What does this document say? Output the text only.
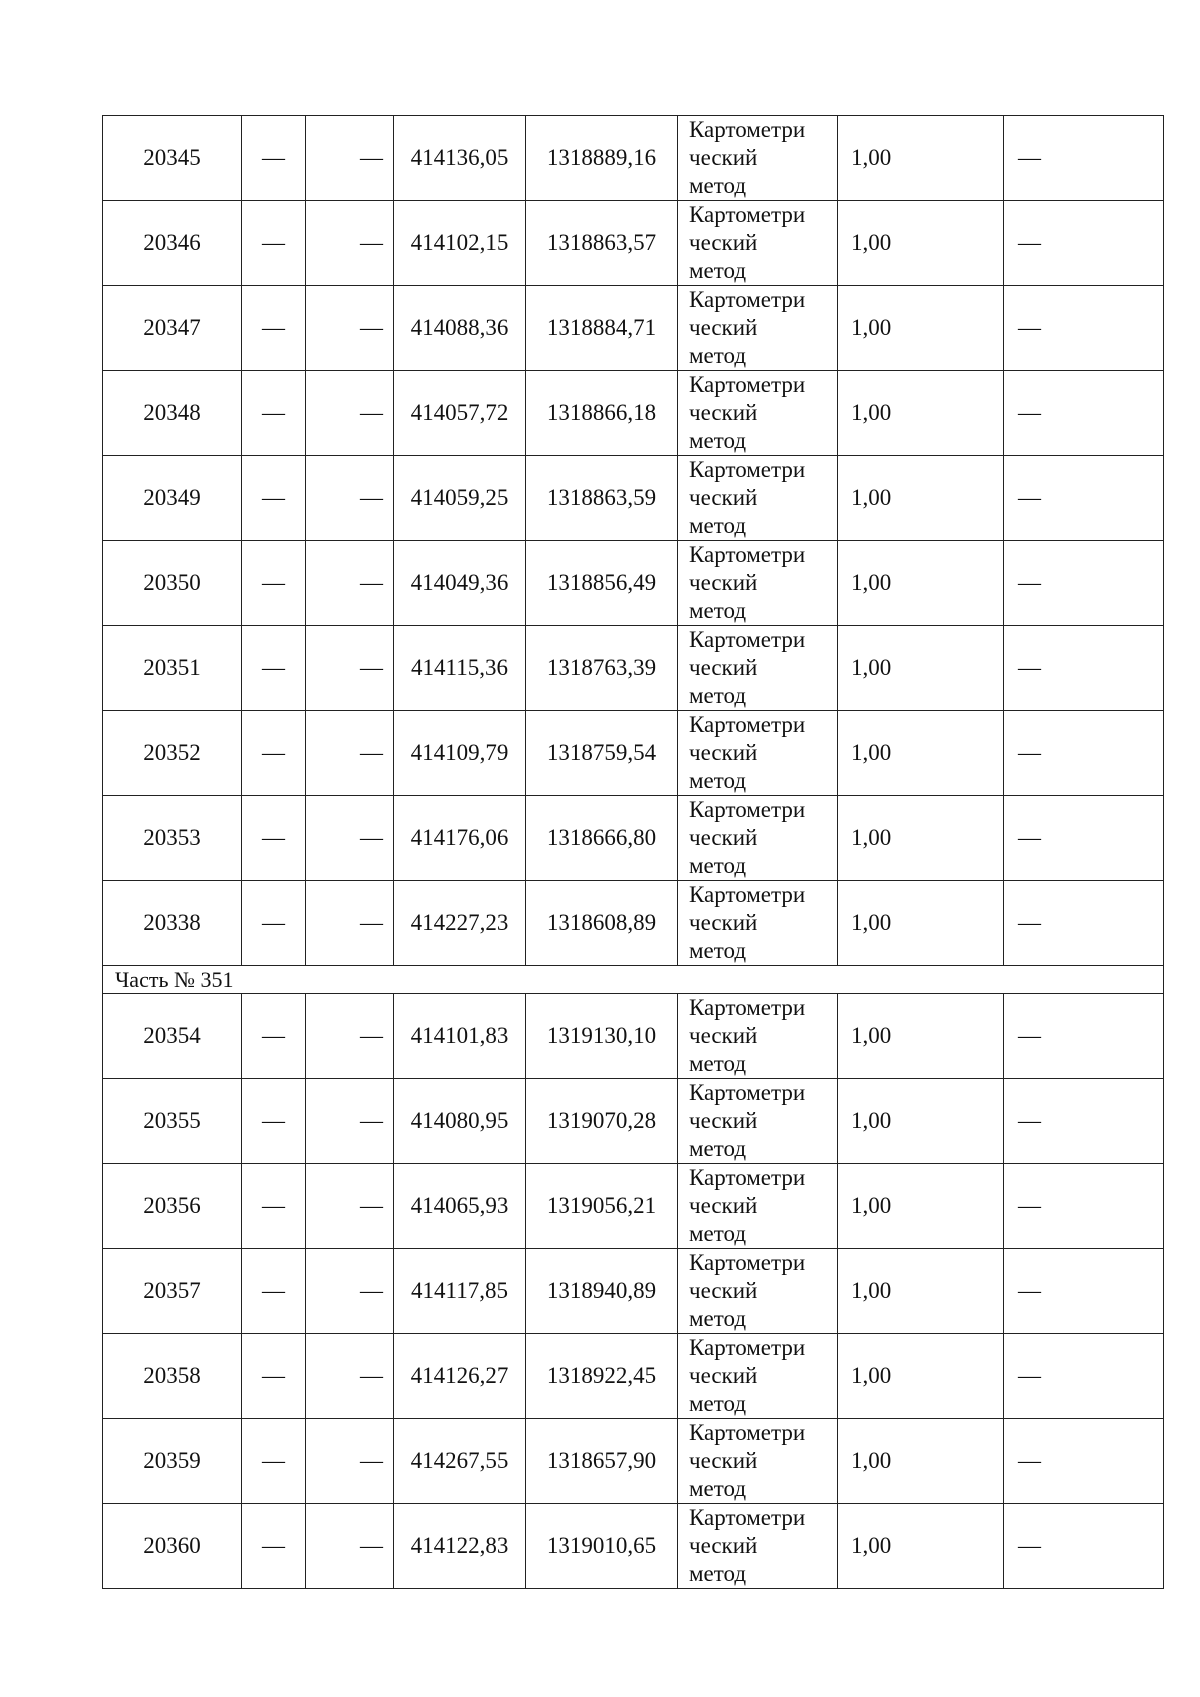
20345	—	—	414136,05	1318889,16	Картометри
ческий
метод	1,00	—
20346	—	—	414102,15	1318863,57	Картометри
ческий
метод	1,00	—
20347	—	—	414088,36	1318884,71	Картометри
ческий
метод	1,00	—
20348	—	—	414057,72	1318866,18	Картометри
ческий
метод	1,00	—
20349	—	—	414059,25	1318863,59	Картометри
ческий
метод	1,00	—
20350	—	—	414049,36	1318856,49	Картометри
ческий
метод	1,00	—
20351	—	—	414115,36	1318763,39	Картометри
ческий
метод	1,00	—
20352	—	—	414109,79	1318759,54	Картометри
ческий
метод	1,00	—
20353	—	—	414176,06	1318666,80	Картометри
ческий
метод	1,00	—
20338	—	—	414227,23	1318608,89	Картометри
ческий
метод	1,00	—
Часть № 351							
20354	—	—	414101,83	1319130,10	Картометри
ческий
метод	1,00	—
20355	—	—	414080,95	1319070,28	Картометри
ческий
метод	1,00	—
20356	—	—	414065,93	1319056,21	Картометри
ческий
метод	1,00	—
20357	—	—	414117,85	1318940,89	Картометри
ческий
метод	1,00	—
20358	—	—	414126,27	1318922,45	Картометри
ческий
метод	1,00	—
20359	—	—	414267,55	1318657,90	Картометри
ческий
метод	1,00	—
20360	—	—	414122,83	1319010,65	Картометри
ческий
метод	1,00	—
